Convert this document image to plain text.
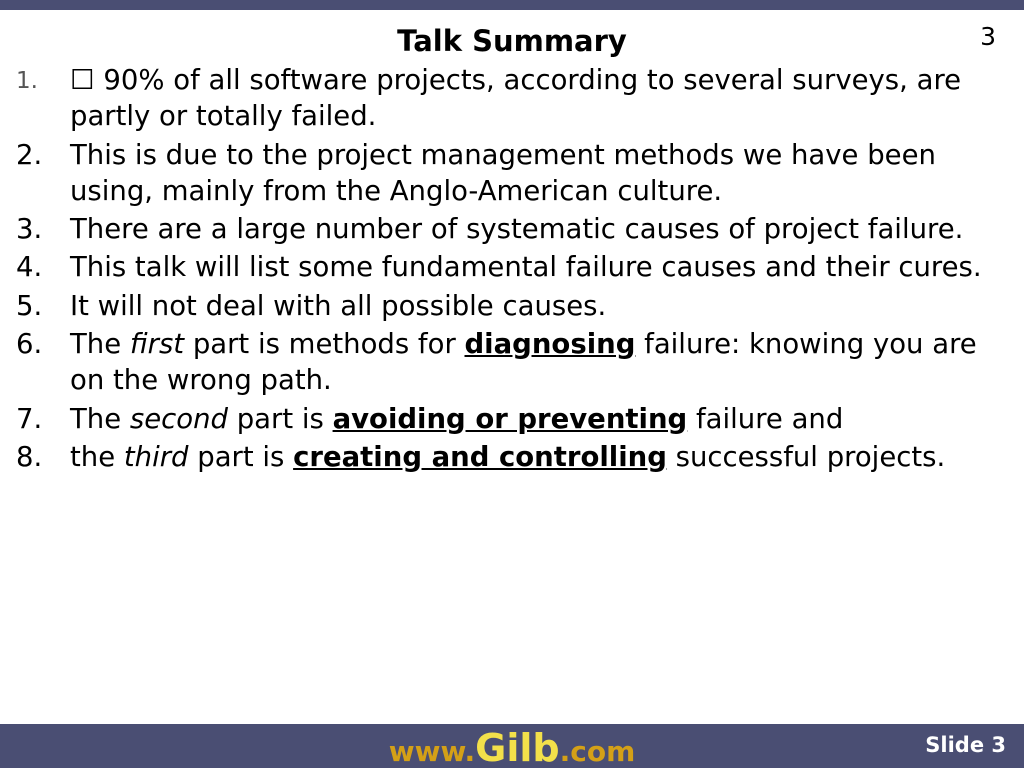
3
Talk Summary
1.	☐ 90% of all software projects, according to several surveys, are partly or totally failed.
2.	This is due to the project management methods we have been using, mainly from the Anglo-American culture.
3.	There are a large number of systematic causes of project failure.
4.	This talk will list some fundamental failure causes and their cures.
5.	It will not deal with all possible causes.
6.	The first part is methods for diagnosing failure: knowing you are on the wrong path.
7.	The second part is avoiding or preventing failure and
8.	the third part is creating and controlling successful projects.
www.Gilb.com	Slide 3
